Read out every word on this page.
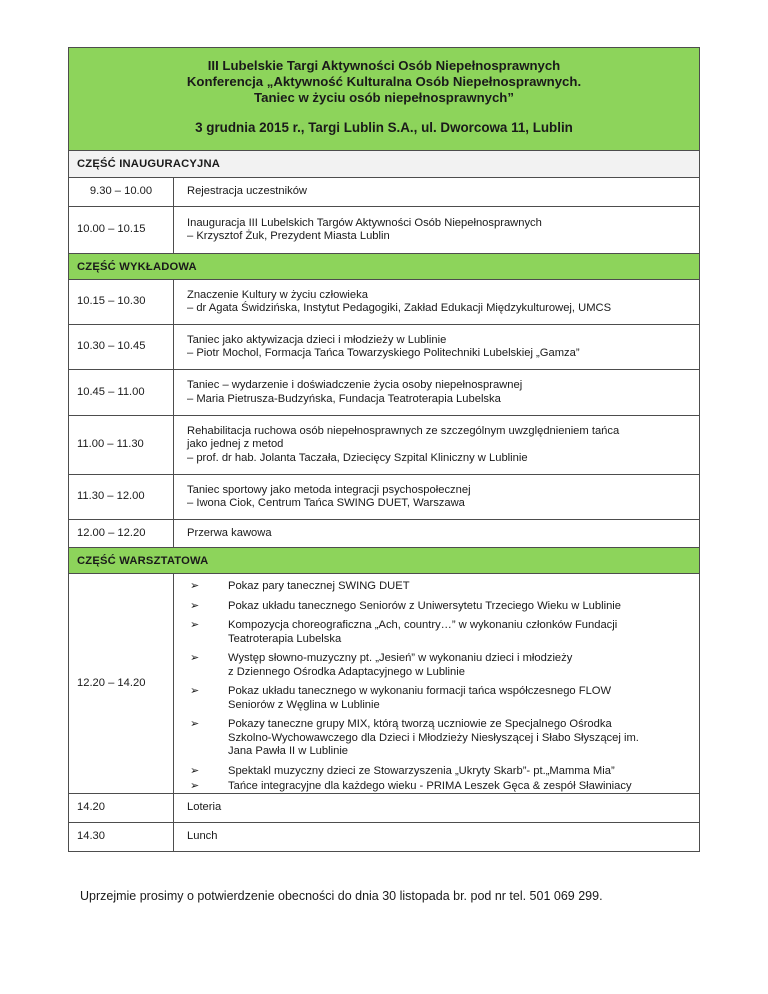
III Lubelskie Targi Aktywności Osób Niepełnosprawnych
Konferencja „Aktywność Kulturalna Osób Niepełnosprawnych.
Taniec w życiu osób niepełnosprawnych”
3 grudnia 2015 r., Targi Lublin S.A., ul. Dworcowa 11, Lublin
CZĘŚĆ INAUGURACYJNA
9.30 – 10.00	Rejestracja uczestników
10.00 – 10.15
Inauguracja III Lubelskich Targów Aktywności Osób Niepełnosprawnych
– Krzysztof Żuk, Prezydent Miasta Lublin
CZĘŚĆ WYKŁADOWA
10.15 – 10.30
Znaczenie Kultury w życiu człowieka
– dr Agata Świdzińska, Instytut Pedagogiki, Zakład Edukacji Międzykulturowej, UMCS
10.30 – 10.45
Taniec jako aktywizacja dzieci i młodzieży w Lublinie
– Piotr Mochol, Formacja Tańca Towarzyskiego Politechniki Lubelskiej „Gamza”
10.45 – 11.00
Taniec – wydarzenie i doświadczenie życia osoby niepełnosprawnej
– Maria Pietrusza-Budzyńska, Fundacja Teatroterapia Lubelska
11.00 – 11.30
Rehabilitacja ruchowa osób niepełnosprawnych ze szczególnym uwzględnieniem tańca
jako jednej z metod
– prof. dr hab. Jolanta Taczała, Dziecięcy Szpital Kliniczny w Lublinie
11.30 – 12.00
Taniec sportowy jako metoda integracji psychospołecznej
– Iwona Ciok, Centrum Tańca SWING DUET, Warszawa
12.00 – 12.20	Przerwa kawowa
CZĘŚĆ WARSZTATOWA
12.20 – 14.20
➢	Pokaz pary tanecznej SWING DUET
➢	Pokaz układu tanecznego Seniorów z Uniwersytetu Trzeciego Wieku w Lublinie
➢	Kompozycja choreograficzna „Ach, country…” w wykonaniu członków Fundacji
Teatroterapia Lubelska
➢	Występ słowno-muzyczny pt. „Jesień” w wykonaniu dzieci i młodzieży
z Dziennego Ośrodka Adaptacyjnego w Lublinie
➢	Pokaz układu tanecznego w wykonaniu formacji tańca współczesnego FLOW
Seniorów z Węglina w Lublinie
➢	Pokazy taneczne grupy MIX, którą tworzą uczniowie ze Specjalnego Ośrodka
Szkolno-Wychowawczego dla Dzieci i Młodzieży Niesłyszącej i Słabo Słyszącej im.
Jana Pawła II w Lublinie
➢	Spektakl muzyczny dzieci ze Stowarzyszenia „Ukryty Skarb”- pt.„Mamma Mia”
➢	Tańce integracyjne dla każdego wieku - PRIMA Leszek Gęca & zespół Sławiniacy
14.20	Loteria
14.30	Lunch
Uprzejmie prosimy o potwierdzenie obecności do dnia 30 listopada br. pod nr tel. 501 069 299.
